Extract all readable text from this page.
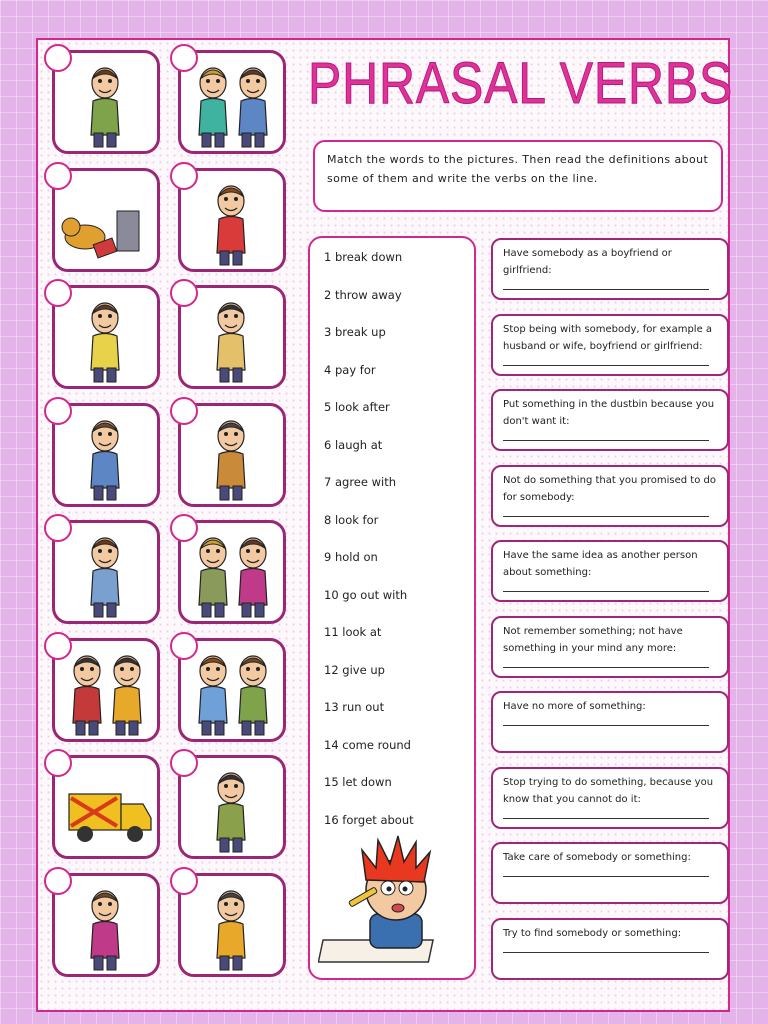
PHRASAL VERBS
Match the words to the pictures. Then read the definitions about some of them and write the verbs on the line.
1 break down
2 throw away
3 break up
4 pay for
5 look after
6 laugh at
7 agree with
8 look for
9 hold on
10 go out with
11 look at
12 give up
13 run out
14 come round
15 let down
16 forget about
Have somebody as a boyfriend or girlfriend:
Stop being with somebody, for example a husband or wife, boyfriend or girlfriend:
Put something in the dustbin because you don't want it:
Not do something that you promised to do for somebody:
Have the same idea as another person about something:
Not remember something; not have something in your mind any more:
Have no more of something:
Stop trying to do something, because you know that you cannot do it:
Take care of somebody or something:
Try to find somebody or something:
